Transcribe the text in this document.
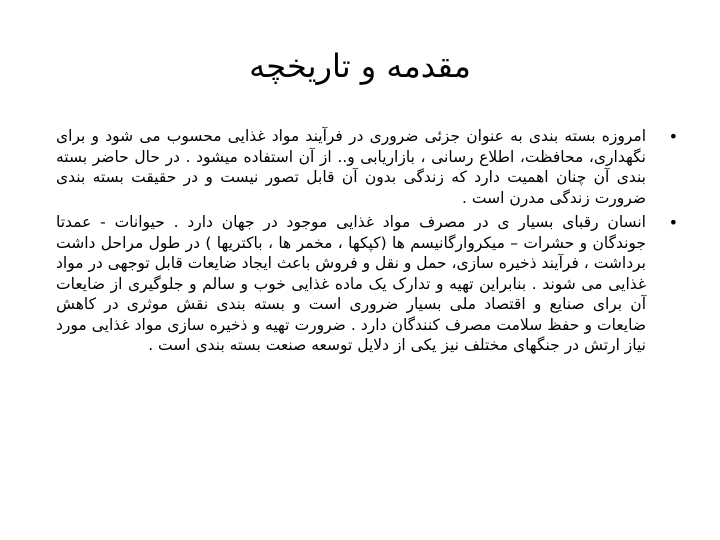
مقدمه و تاریخچه
•
امروزه بسته بندی به عنوان جزئی ضروری در فرآیند مواد غذایی محسوب می شود و برای نگهداری، محافظت، اطلاع رسانی ، بازاریابی و.. از آن استفاده میشود . در حال حاضر بسته بندی آن چنان اهمیت دارد که زندگی بدون آن قابل تصور نیست و در حقیقت بسته بندی ضرورت زندگی مدرن است .
•
انسان رقبای بسیار ی در مصرف مواد غذایی موجود در جهان دارد . حیوانات - عمدتا جوندگان و حشرات – میکروارگانیسم ها (کپکها ، مخمر ها ، باکتریها ) در طول مراحل داشت برداشت ، فرآیند ذخیره سازی، حمل و نقل و فروش باعث ایجاد ضایعات قابل توجهی در مواد غذایی می شوند . بنابراین تهیه و تدارک یک ماده غذایی خوب و سالم و جلوگیری از ضایعات آن برای صنایع و اقتصاد ملی بسیار ضروری است و بسته بندی نقش موثری در کاهش ضایعات و حفظ سلامت مصرف کنندگان دارد . ضرورت تهیه و ذخیره سازی مواد غذایی مورد نیاز ارتش در جنگهای مختلف نیز یکی از دلایل توسعه صنعت بسته بندی است .
